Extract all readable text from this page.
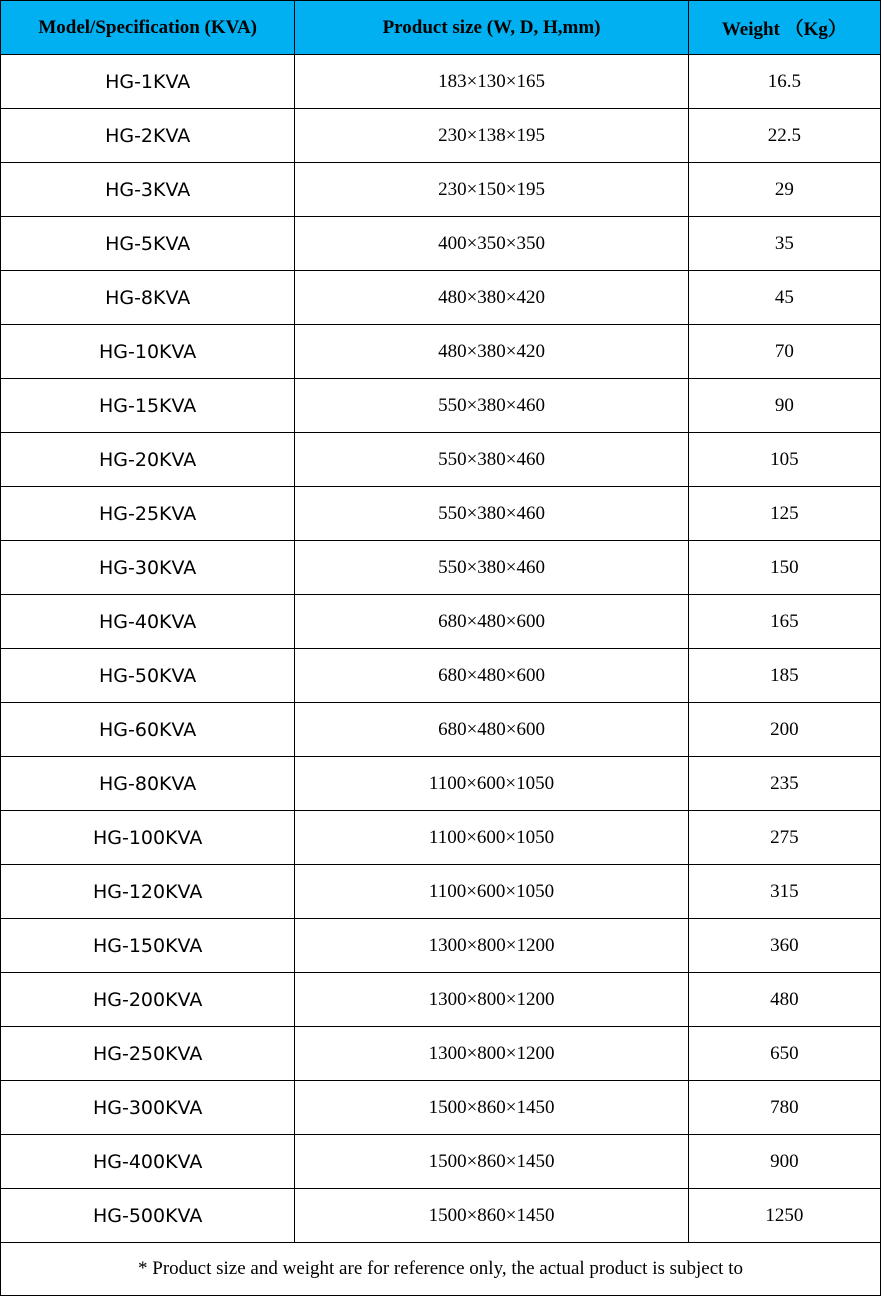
Model/Specification (KVA)	Product size (W, D, H,mm)	Weight （Kg）
HG-1KVA	183×130×165	16.5
HG-2KVA	230×138×195	22.5
HG-3KVA	230×150×195	29
HG-5KVA	400×350×350	35
HG-8KVA	480×380×420	45
HG-10KVA	480×380×420	70
HG-15KVA	550×380×460	90
HG-20KVA	550×380×460	105
HG-25KVA	550×380×460	125
HG-30KVA	550×380×460	150
HG-40KVA	680×480×600	165
HG-50KVA	680×480×600	185
HG-60KVA	680×480×600	200
HG-80KVA	1100×600×1050	235
HG-100KVA	1100×600×1050	275
HG-120KVA	1100×600×1050	315
HG-150KVA	1300×800×1200	360
HG-200KVA	1300×800×1200	480
HG-250KVA	1300×800×1200	650
HG-300KVA	1500×860×1450	780
HG-400KVA	1500×860×1450	900
HG-500KVA	1500×860×1450	1250
* Product size and weight are for reference only, the actual product is subject to		
